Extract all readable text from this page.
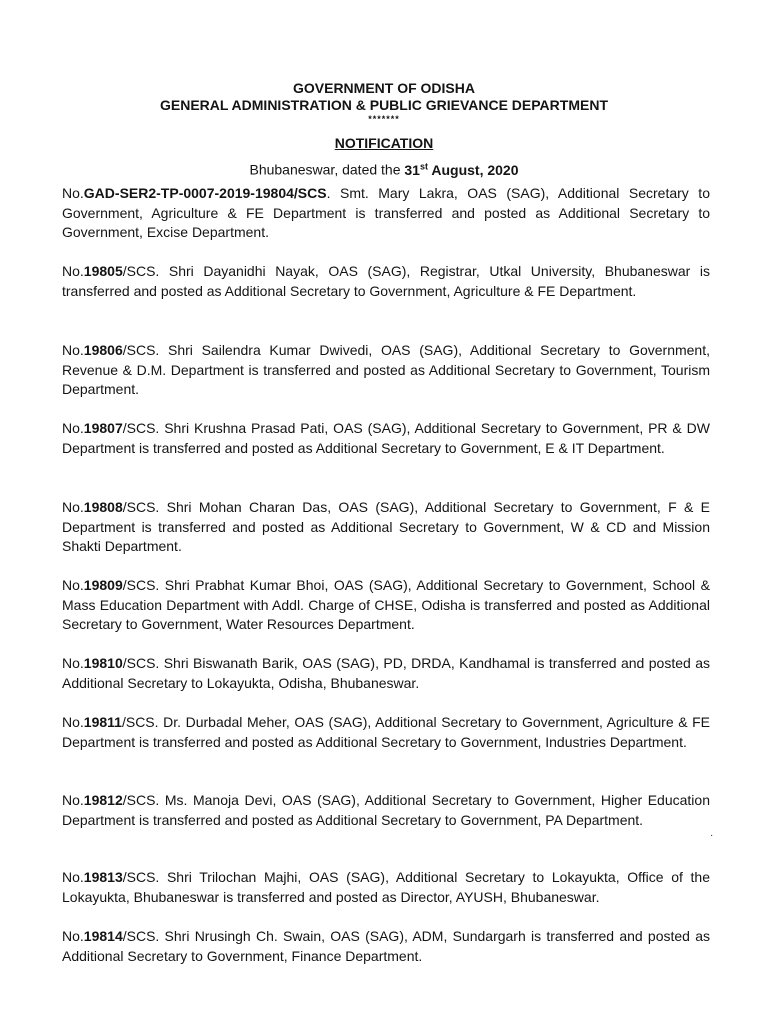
GOVERNMENT OF ODISHA
GENERAL ADMINISTRATION & PUBLIC GRIEVANCE DEPARTMENT
*******
NOTIFICATION
Bhubaneswar, dated the 31st August, 2020

No.GAD-SER2-TP-0007-2019-19804/SCS. Smt. Mary Lakra, OAS (SAG), Additional Secretary to Government, Agriculture & FE Department is transferred and posted as Additional Secretary to Government, Excise Department.

No.19805/SCS. Shri Dayanidhi Nayak, OAS (SAG), Registrar, Utkal University, Bhubaneswar is transferred and posted as Additional Secretary to Government, Agriculture & FE Department.

No.19806/SCS. Shri Sailendra Kumar Dwivedi, OAS (SAG), Additional Secretary to Government, Revenue & D.M. Department is transferred and posted as Additional Secretary to Government, Tourism Department.

No.19807/SCS. Shri Krushna Prasad Pati, OAS (SAG), Additional Secretary to Government, PR & DW Department is transferred and posted as Additional Secretary to Government, E & IT Department.

No.19808/SCS. Shri Mohan Charan Das, OAS (SAG), Additional Secretary to Government, F & E Department is transferred and posted as Additional Secretary to Government, W & CD and Mission Shakti Department.

No.19809/SCS. Shri Prabhat Kumar Bhoi, OAS (SAG), Additional Secretary to Government, School & Mass Education Department with Addl. Charge of CHSE, Odisha is transferred and posted as Additional Secretary to Government, Water Resources Department.

No.19810/SCS. Shri Biswanath Barik, OAS (SAG), PD, DRDA, Kandhamal is transferred and posted as Additional Secretary to Lokayukta, Odisha, Bhubaneswar.

No.19811/SCS. Dr. Durbadal Meher, OAS (SAG), Additional Secretary to Government, Agriculture & FE Department is transferred and posted as Additional Secretary to Government, Industries Department.

No.19812/SCS. Ms. Manoja Devi, OAS (SAG), Additional Secretary to Government, Higher Education Department is transferred and posted as Additional Secretary to Government, PA Department.

No.19813/SCS. Shri Trilochan Majhi, OAS (SAG), Additional Secretary to Lokayukta, Office of the Lokayukta, Bhubaneswar is transferred and posted as Director, AYUSH, Bhubaneswar.

No.19814/SCS. Shri Nrusingh Ch. Swain, OAS (SAG), ADM, Sundargarh is transferred and posted as Additional Secretary to Government, Finance Department.

·
